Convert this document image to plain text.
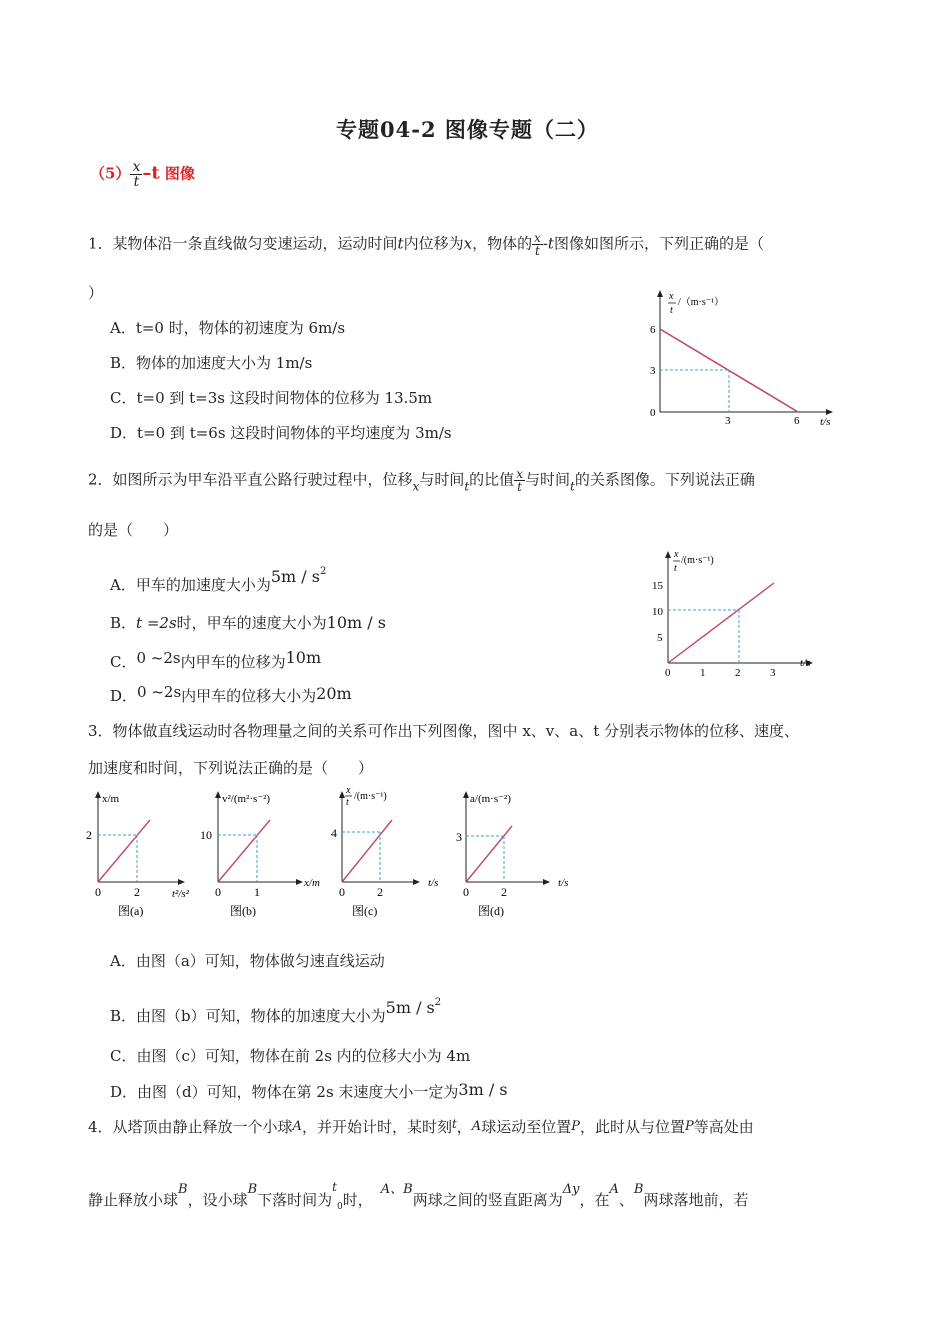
专题04-2 图像专题（二）
$(5) \frac{x}{t} -t$ 图像
1．某物体沿一条直线做匀变速运动，运动时间t内位移为x，物体的 $\frac{x}{t} -t$图像如图所示，下列正确的是（
）
A．t=0 时，物体的初速度为 6m/s
B．物体的加速度大小为 1m/s
C．t=0 到 t=3s 这段时间物体的位移为 13.5m
D．t=0 到 t=6s 这段时间物体的平均速度为 3m/s
x
t
/（m·s⁻¹）
6
3
0
3	6 t/s
2．如图所示为甲车沿平直公路行驶过程中，位移$_x$与时间$_t$的比值 $\frac{x}{t}$ 与时间$_t$的关系图像。下列说法正确
的是（　　）
A．甲车的加速度大小为$5m / s^2$
B．t =2s时，甲车的速度大小为10m / s
C．0 ~2s内甲车的位移为10m
D．0 ~2s内甲车的位移大小为20m
x
t
/(m·s⁻¹)
15
10
5
0	1	2	3
t/s
3．物体做直线运动时各物理量之间的关系可作出下列图像，图中 x、v、a、t 分别表示物体的位移、速度、
加速度和时间，下列说法正确的是（　　）
x/m
2
0	2	t²/s²
图(a)
v²/(m²·s⁻²)
10
0	1
x/m
图(b)
x
t
/(m·s⁻¹)
4
0	2
t/s
图(c)
a/(m·s⁻²)
3
0	2
t/s
图(d)
A．由图（a）可知，物体做匀速直线运动
B．由图（b）可知，物体的加速度大小为$5m / s^2$
C．由图（c）可知，物体在前 2s 内的位移大小为 4m
D．由图（d）可知，物体在第 2s 末速度大小一定为3m / s
4．从塔顶由静止释放一个小球A，并开始计时，某时刻$^t$，A球运动至位置P，此时从与位置P等高处由
静止释放小球B，设小球B下落时间为$^t_0$时，A、B两球之间的竖直距离为Δy，在A、B两球落地前，若
